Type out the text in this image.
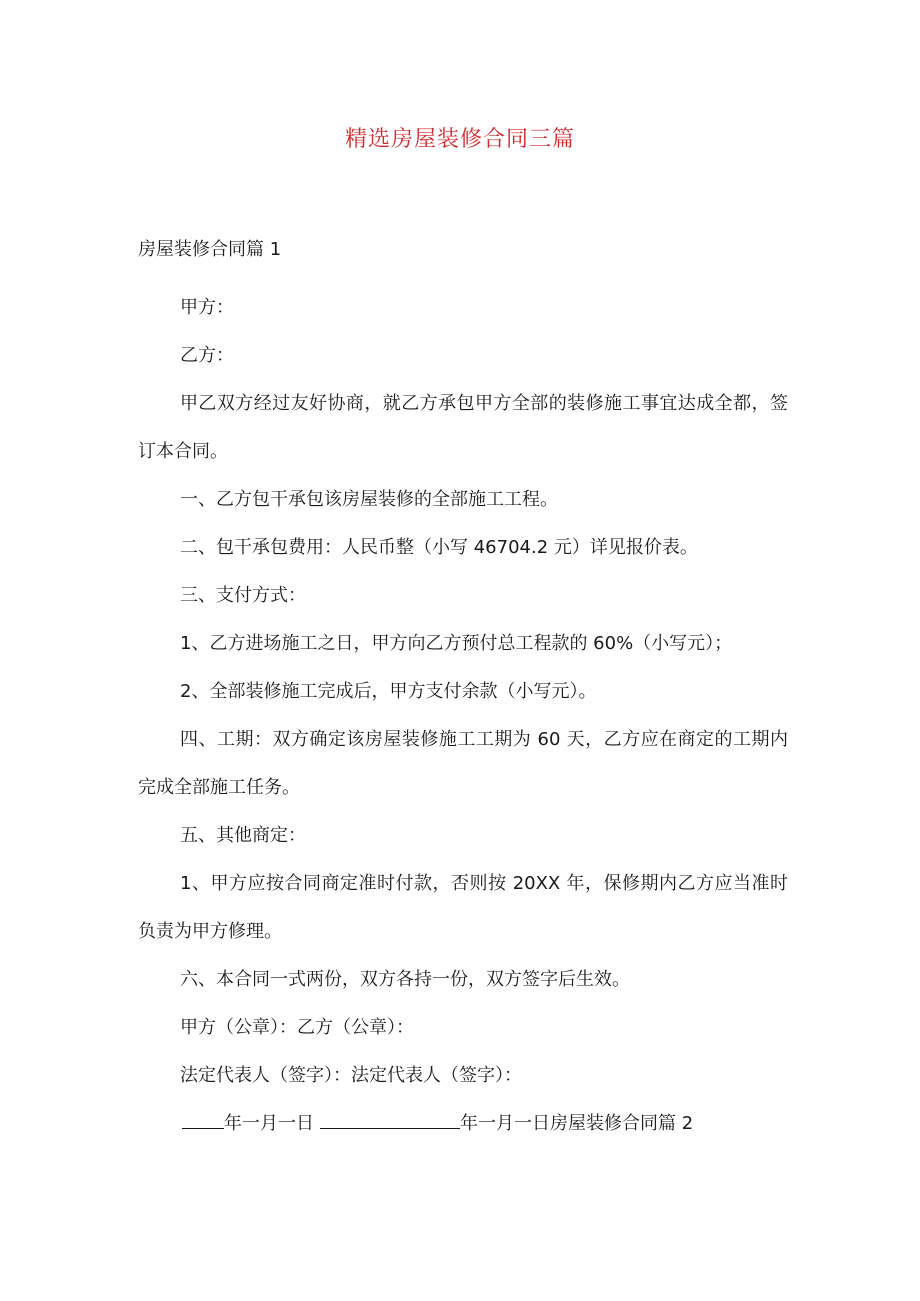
精选房屋装修合同三篇
房屋装修合同篇 1

甲方：

乙方：

甲乙双方经过友好协商，就乙方承包甲方全部的装修施工事宜达成全都，签订本合同。

一、乙方包干承包该房屋装修的全部施工工程。

二、包干承包费用：人民币整（小写 46704.2 元）详见报价表。

三、支付方式：

1、乙方进场施工之日，甲方向乙方预付总工程款的 60%（小写元）；

2、全部装修施工完成后，甲方支付余款（小写元）。

四、工期：双方确定该房屋装修施工工期为 60 天，乙方应在商定的工期内完成全部施工任务。

五、其他商定：

1、甲方应按合同商定准时付款，否则按 20XX 年，保修期内乙方应当准时负责为甲方修理。

六、本合同一式两份，双方各持一份，双方签字后生效。

甲方（公章）：乙方（公章）：

法定代表人（签字）：法定代表人（签字）：

年一月一日	年一月一日房屋装修合同篇 2
